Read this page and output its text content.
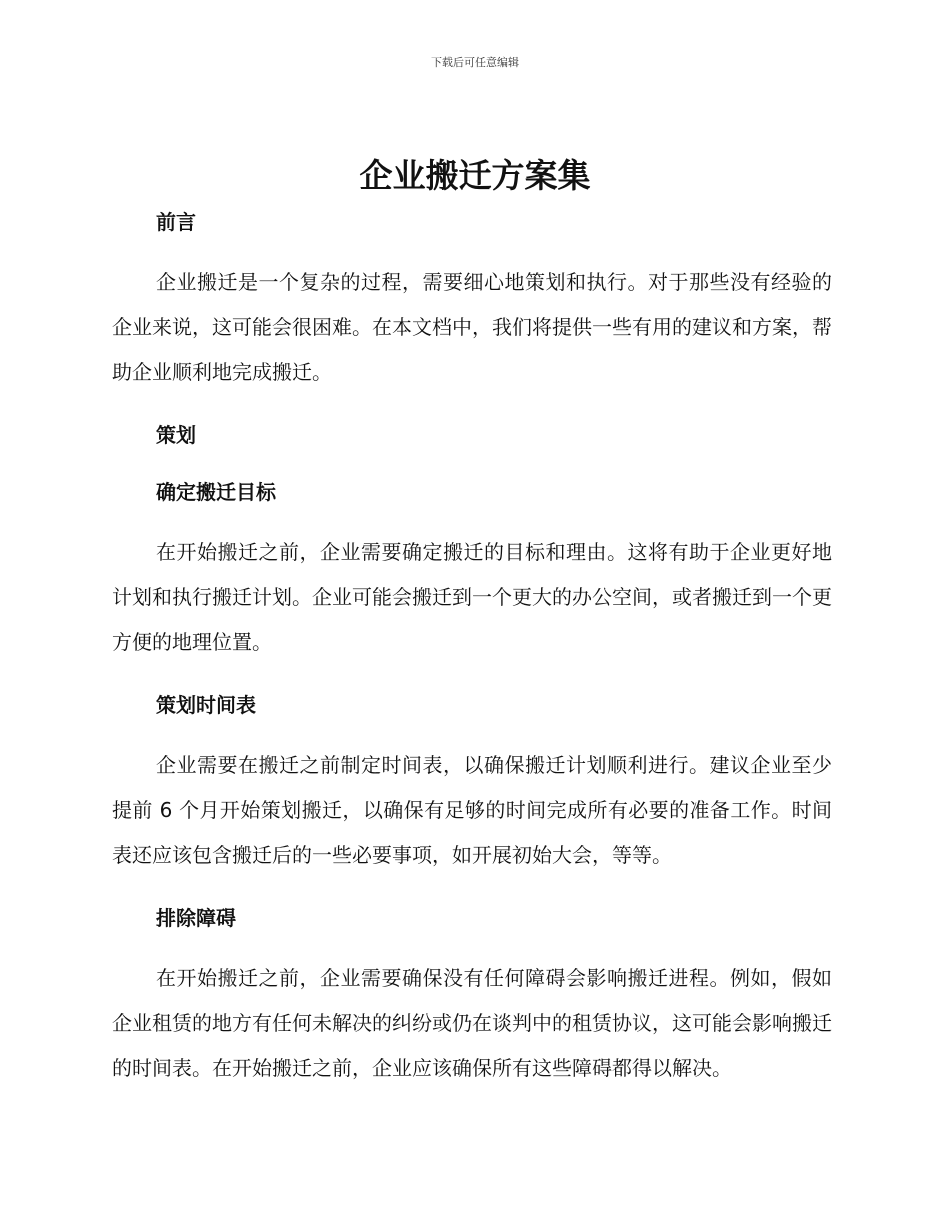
下载后可任意编辑
企业搬迁方案集
前言

企业搬迁是一个复杂的过程，需要细心地策划和执行。对于那些没有经验的企业来说，这可能会很困难。在本文档中，我们将提供一些有用的建议和方案，帮助企业顺利地完成搬迁。

策划
确定搬迁目标

在开始搬迁之前，企业需要确定搬迁的目标和理由。这将有助于企业更好地计划和执行搬迁计划。企业可能会搬迁到一个更大的办公空间，或者搬迁到一个更方便的地理位置。

策划时间表

企业需要在搬迁之前制定时间表，以确保搬迁计划顺利进行。建议企业至少提前 6 个月开始策划搬迁，以确保有足够的时间完成所有必要的准备工作。时间表还应该包含搬迁后的一些必要事项，如开展初始大会，等等。

排除障碍

在开始搬迁之前，企业需要确保没有任何障碍会影响搬迁进程。例如，假如企业租赁的地方有任何未解决的纠纷或仍在谈判中的租赁协议，这可能会影响搬迁的时间表。在开始搬迁之前，企业应该确保所有这些障碍都得以解决。
